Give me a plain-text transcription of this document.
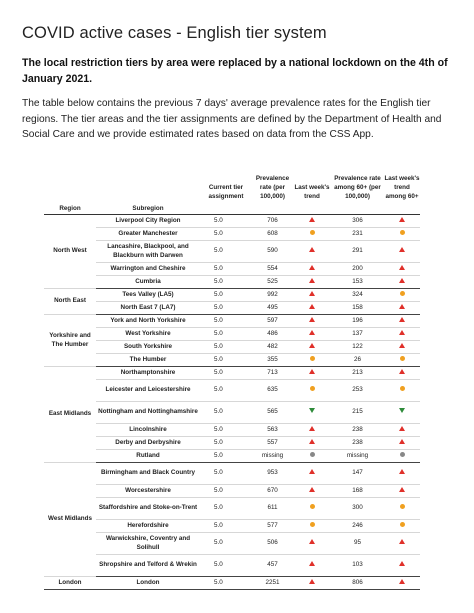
COVID active cases - English tier system

The local restriction tiers by area were replaced by a national lockdown on the 4th of January 2021.

The table below contains the previous 7 days' average prevalence rates for the English tier regions. The tier areas and the tier assignments are defined by the Department of Health and Social Care and we provide estimated rates based on data from the CSS App.

		Current tier assignment	Prevalence rate (per 100,000)	Last week's trend	Prevalence rate among 60+ (per 100,000)	Last week's trend among 60+
Region	Subregion					
North West	Liverpool City Region	5.0	706		306	
	Greater Manchester	5.0	608		231	
	Lancashire, Blackpool, and Blackburn with Darwen	5.0	590		291	
	Warrington and Cheshire	5.0	554		200	
	Cumbria	5.0	525		153	
North East	Tees Valley (LA5)	5.0	992		324	
	North East 7 (LA7)	5.0	495		158	
Yorkshire and The Humber	York and North Yorkshire	5.0	597		196	
	West Yorkshire	5.0	486		137	
	South Yorkshire	5.0	482		122	
	The Humber	5.0	355		26	
East Midlands	Northamptonshire	5.0	713		213	
	Leicester and Leicestershire	5.0	635		253	
	Nottingham and Nottinghamshire	5.0	565		215	
	Lincolnshire	5.0	563		238	
	Derby and Derbyshire	5.0	557		238	
	Rutland	5.0	missing		missing	
West Midlands	Birmingham and Black Country	5.0	953		147	
	Worcestershire	5.0	670		168	
	Staffordshire and Stoke-on-Trent	5.0	611		300	
	Herefordshire	5.0	577		246	
	Warwickshire, Coventry and Solihull	5.0	506		95	
	Shropshire and Telford & Wrekin	5.0	457		103	
London	London	5.0	2251		806	
